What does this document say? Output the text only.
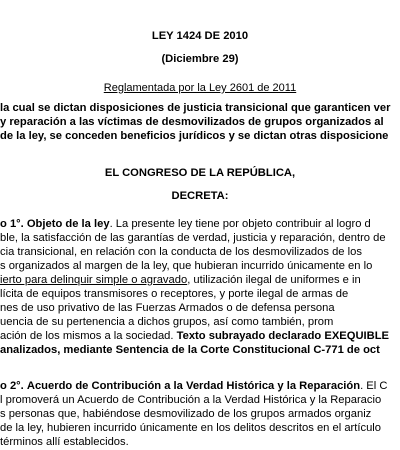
LEY 1424 DE 2010
(Diciembre 29)
Reglamentada por la Ley 2601 de 2011
la cual se dictan disposiciones de justicia transicional que garanticen ver
y reparación a las víctimas de desmovilizados de grupos organizados al
de la ley, se conceden beneficios jurídicos y se dictan otras disposicione
EL CONGRESO DE LA REPÚBLICA,
DECRETA:
o 1°. Objeto de la ley. La presente ley tiene por objeto contribuir al logro d
ble, la satisfacción de las garantías de verdad, justicia y reparación, dentro de
cia transicional, en relación con la conducta de los desmovilizados de los
s organizados al margen de la ley, que hubieran incurrido únicamente en lo
ierto para delinquir simple o agravado, utilización ilegal de uniformes e in
lícita de equipos transmisores o receptores, y porte ilegal de armas de
nes de uso privativo de las Fuerzas Armados o de defensa persona
uencia de su pertenencia a dichos grupos, así como también, prom
ación de los mismos a la sociedad. Texto subrayado declarado EXEQUIBLE
analizados, mediante Sentencia de la Corte Constitucional C-771 de oct
o 2°. Acuerdo de Contribución a la Verdad Histórica y la Reparación. El C
l promoverá un Acuerdo de Contribución a la Verdad Histórica y la Reparacio
s personas que, habiéndose desmovilizado de los grupos armados organiz
de la ley, hubieren incurrido únicamente en los delitos descritos en el artículo
términos allí establecidos.
